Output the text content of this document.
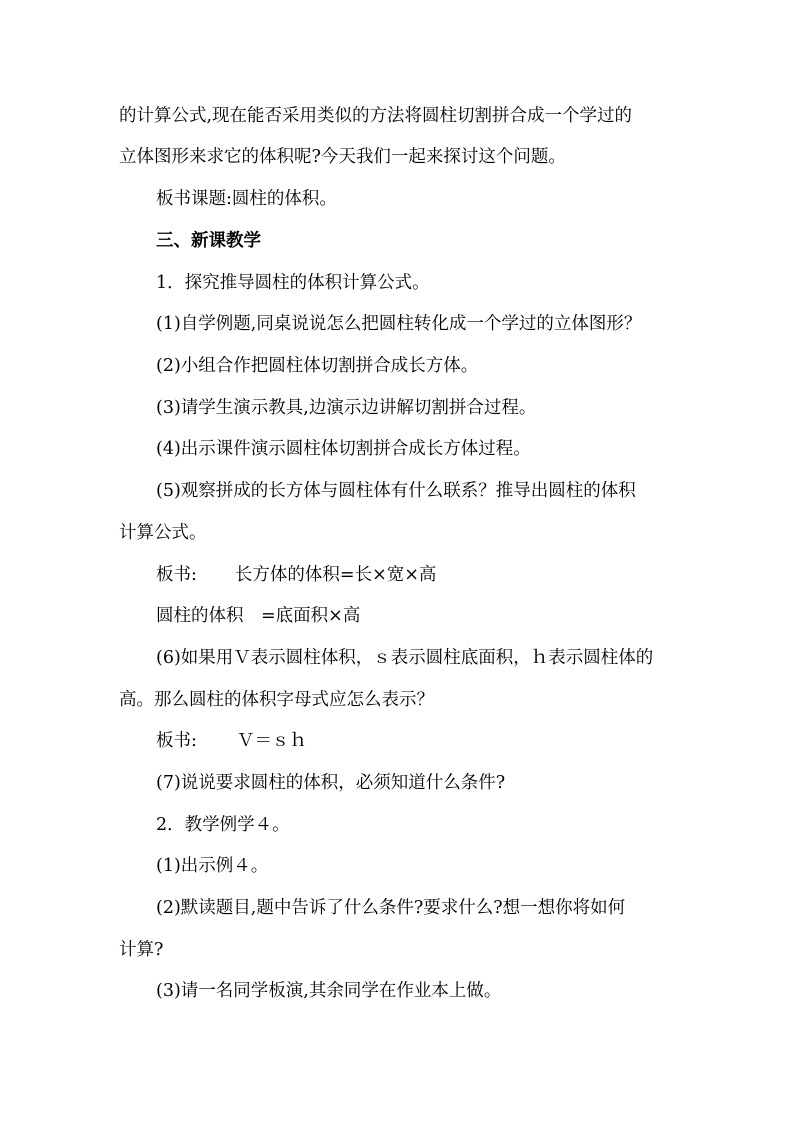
的计算公式,现在能否采用类似的方法将圆柱切割拼合成一个学过的
立体图形来求它的体积呢?今天我们一起来探讨这个问题。
板书课题:圆柱的体积。
三、新课教学
1．探究推导圆柱的体积计算公式。
(1)自学例题,同桌说说怎么把圆柱转化成一个学过的立体图形？
(2)小组合作把圆柱体切割拼合成长方体。
(3)请学生演示教具,边演示边讲解切割拼合过程。
(4)出示课件演示圆柱体切割拼合成长方体过程。
(5)观察拼成的长方体与圆柱体有什么联系？推导出圆柱的体积
计算公式。
板书: 长方体的体积=长×宽×高
圆柱的体积　=底面积×高
(6)如果用Ｖ表示圆柱体积，ｓ表示圆柱底面积，ｈ表示圆柱体的
高。那么圆柱的体积字母式应怎么表示？
板书: Ｖ＝ｓｈ
(7)说说要求圆柱的体积，必须知道什么条件?
2．教学例学４。
(1)出示例４。
(2)默读题目,题中告诉了什么条件?要求什么?想一想你将如何
计算?
(3)请一名同学板演,其余同学在作业本上做。
